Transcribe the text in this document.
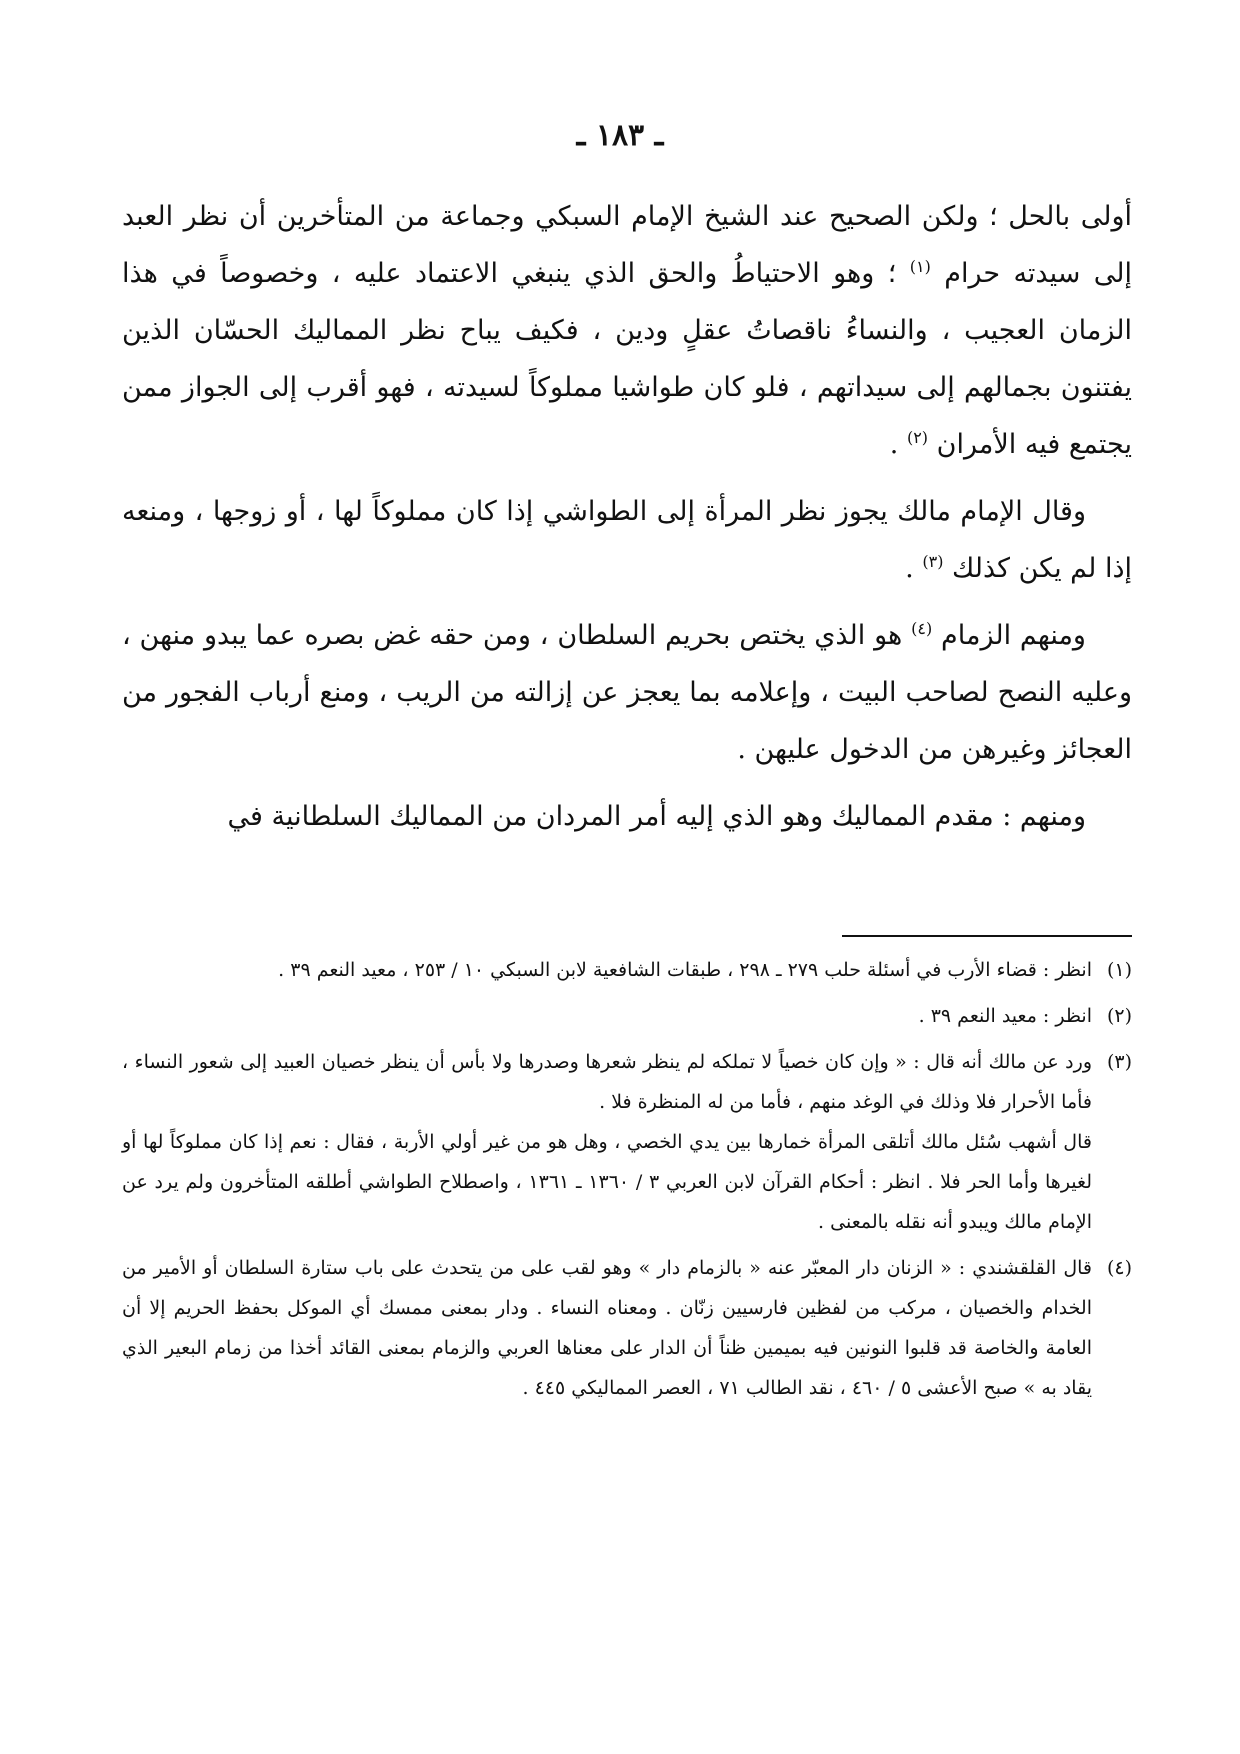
ـ ١٨٣ ـ

أولى بالحل ؛ ولكن الصحيح عند الشيخ الإمام السبكي وجماعة من المتأخرين أن نظر العبد إلى سيدته حرام $^{(١)}$ ؛ وهو الاحتياطُ والحق الذي ينبغي الاعتماد عليه ، وخصوصاً في هذا الزمان العجيب ، والنساءُ ناقصاتُ عقلٍ ودين ، فكيف يباح نظر المماليك الحسّان الذين يفتنون بجمالهم إلى سيداتهم ، فلو كان طواشيا مملوكاً لسيدته ، فهو أقرب إلى الجواز ممن يجتمع فيه الأمران $^{(٢)}$ .

وقال الإمام مالك يجوز نظر المرأة إلى الطواشي إذا كان مملوكاً لها ، أو زوجها ، ومنعه إذا لم يكن كذلك $^{(٣)}$ .

ومنهم الزمام $^{(٤)}$ هو الذي يختص بحريم السلطان ، ومن حقه غض بصره عما يبدو منهن ، وعليه النصح لصاحب البيت ، وإعلامه بما يعجز عن إزالته من الريب ، ومنع أرباب الفجور من العجائز وغيرهن من الدخول عليهن .

ومنهم : مقدم المماليك وهو الذي إليه أمر المردان من المماليك السلطانية في

(١)

انظر : قضاء الأرب في أسئلة حلب ٢٧٩ ـ ٢٩٨ ، طبقات الشافعية لابن السبكي ١٠ / ٢٥٣ ، معيد النعم ٣٩ .

(٢)

انظر : معيد النعم ٣٩ .

(٣)

ورد عن مالك أنه قال : « وإن كان خصياً لا تملكه لم ينظر شعرها وصدرها ولا بأس أن ينظر خصيان العبيد إلى شعور النساء ، فأما الأحرار فلا وذلك في الوغد منهم ، فأما من له المنظرة فلا .

قال أشهب سُئل مالك أتلقى المرأة خمارها بين يدي الخصي ، وهل هو من غير أولي الأربة ، فقال : نعم إذا كان مملوكاً لها أو لغيرها وأما الحر فلا . انظر : أحكام القرآن لابن العربي ٣ / ١٣٦٠ ـ ١٣٦١ ، واصطلاح الطواشي أطلقه المتأخرون ولم يرد عن الإمام مالك ويبدو أنه نقله بالمعنى .

(٤)

قال القلقشندي : « الزنان دار المعبّر عنه « بالزمام دار » وهو لقب على من يتحدث على باب ستارة السلطان أو الأمير من الخدام والخصيان ، مركب من لفظين فارسيين زنّان . ومعناه النساء . ودار بمعنى ممسك أي الموكل بحفظ الحريم إلا أن العامة والخاصة قد قلبوا النونين فيه بميمين ظناً أن الدار على معناها العربي والزمام بمعنى القائد أخذا من زمام البعير الذي يقاد به » صبح الأعشى ٥ / ٤٦٠ ، نقد الطالب ٧١ ، العصر المماليكي ٤٤٥ .
